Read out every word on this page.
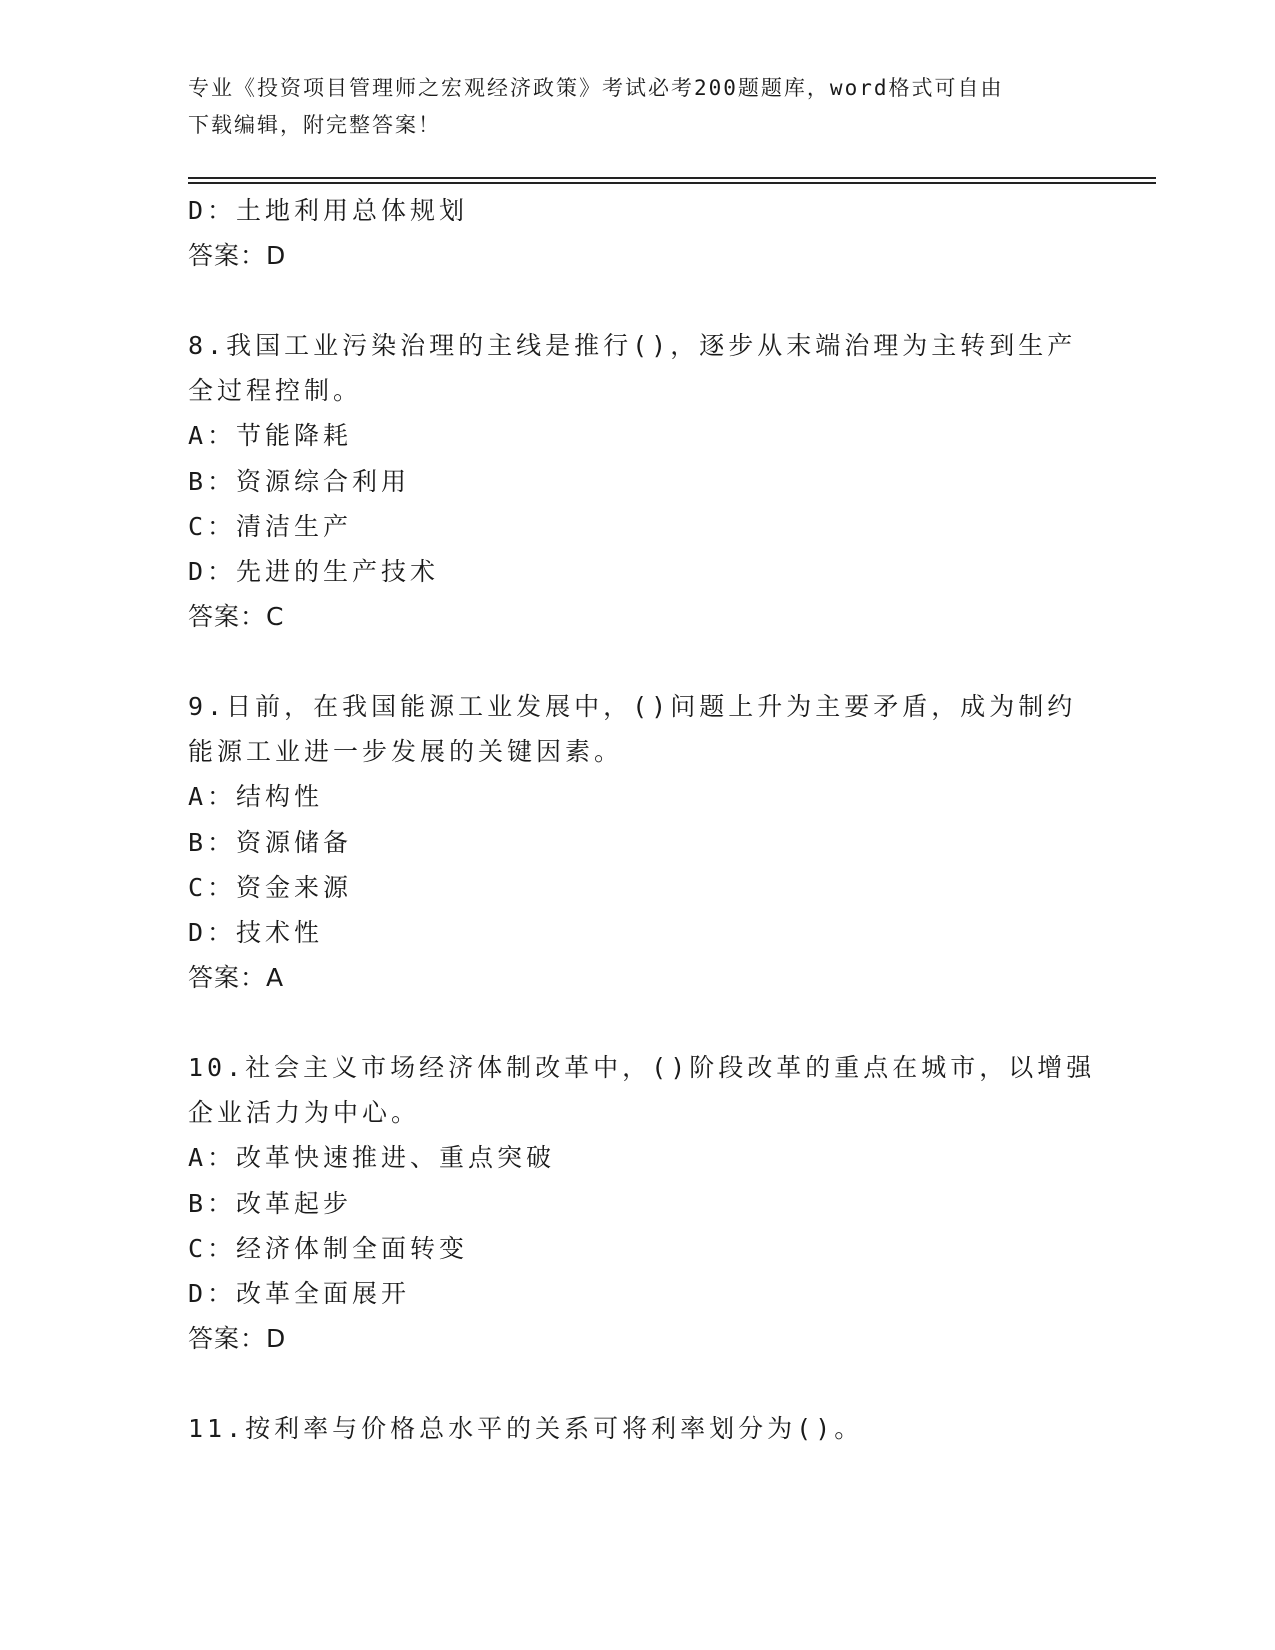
专业《投资项目管理师之宏观经济政策》考试必考200题题库，word格式可自由
下载编辑，附完整答案！
D：土地利用总体规划
答案：D
8.我国工业污染治理的主线是推行()，逐步从末端治理为主转到生产
全过程控制。
A：节能降耗
B：资源综合利用
C：清洁生产
D：先进的生产技术
答案：C
9.日前，在我国能源工业发展中，()问题上升为主要矛盾，成为制约
能源工业进一步发展的关键因素。
A：结构性
B：资源储备
C：资金来源
D：技术性
答案：A
10.社会主义市场经济体制改革中，()阶段改革的重点在城市，以增强
企业活力为中心。
A：改革快速推进、重点突破
B：改革起步
C：经济体制全面转变
D：改革全面展开
答案：D
11.按利率与价格总水平的关系可将利率划分为()。
